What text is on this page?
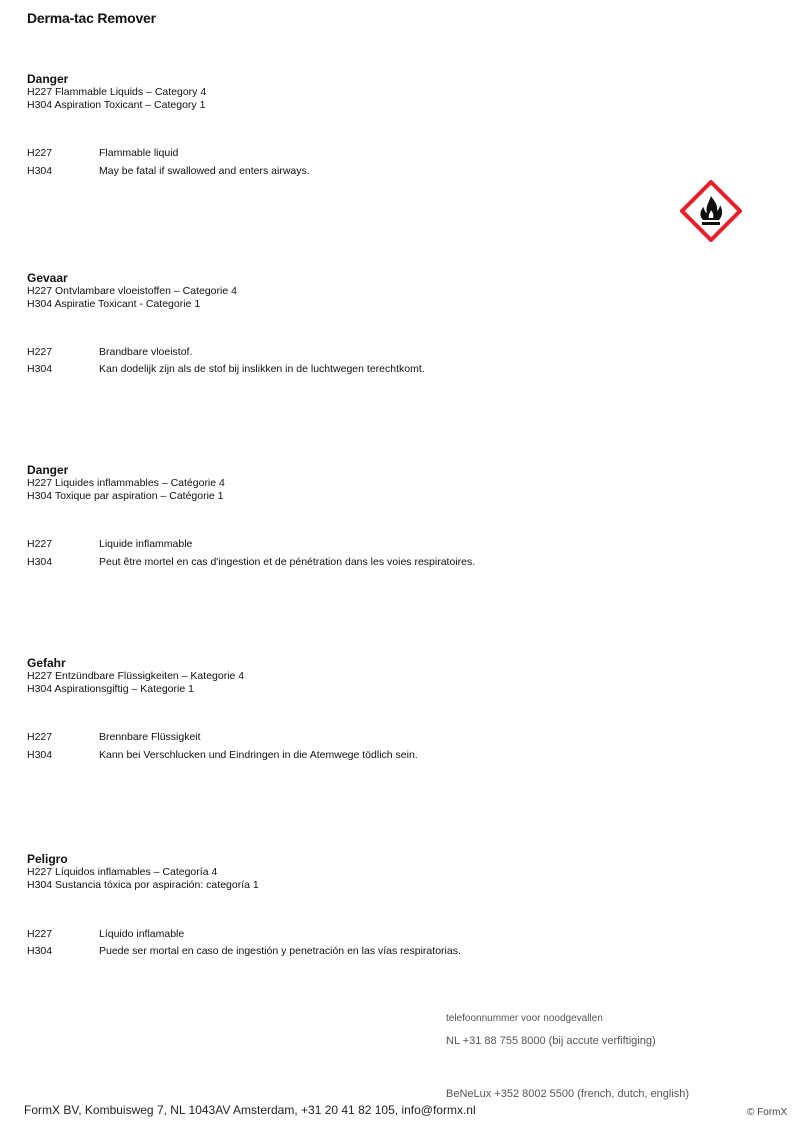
Derma-tac Remover
Danger
H227 Flammable Liquids – Category 4
H304 Aspiration Toxicant – Category 1
H227	Flammable liquid
H304	May be fatal if swallowed and enters airways.
Gevaar
H227 Ontvlambare vloeistoffen – Categorie 4
H304 Aspiratie Toxicant - Categorie 1
H227	Brandbare vloeistof.
H304	Kan dodelijk zijn als de stof bij inslikken in de luchtwegen terechtkomt.
Danger
H227 Liquides inflammables – Catégorie 4
H304 Toxique par aspiration – Catégorie 1
H227	Liquide inflammable
H304	Peut être mortel en cas d'ingestion et de pénétration dans les voies respiratoires.
Gefahr
H227 Entzündbare Flüssigkeiten – Kategorie 4
H304 Aspirationsgiftig – Kategorie 1
H227	Brennbare Flüssigkeit
H304	Kann bei Verschlucken und Eindringen in die Atemwege tödlich sein.
Peligro
H227 Líquidos inflamables – Categoría 4
H304 Sustancia tóxica por aspiración: categoría 1
H227	Líquido inflamable
H304	Puede ser mortal en caso de ingestión y penetración en las vías respiratorias.
telefoonnummer voor noodgevallen
NL +31 88 755 8000 (bij accute verfiftiging)
BeNeLux +352 8002 5500 (french, dutch, english)
FormX BV, Kombuisweg 7, NL 1043AV Amsterdam, +31 20 41 82 105, info@formx.nl	© FormX
